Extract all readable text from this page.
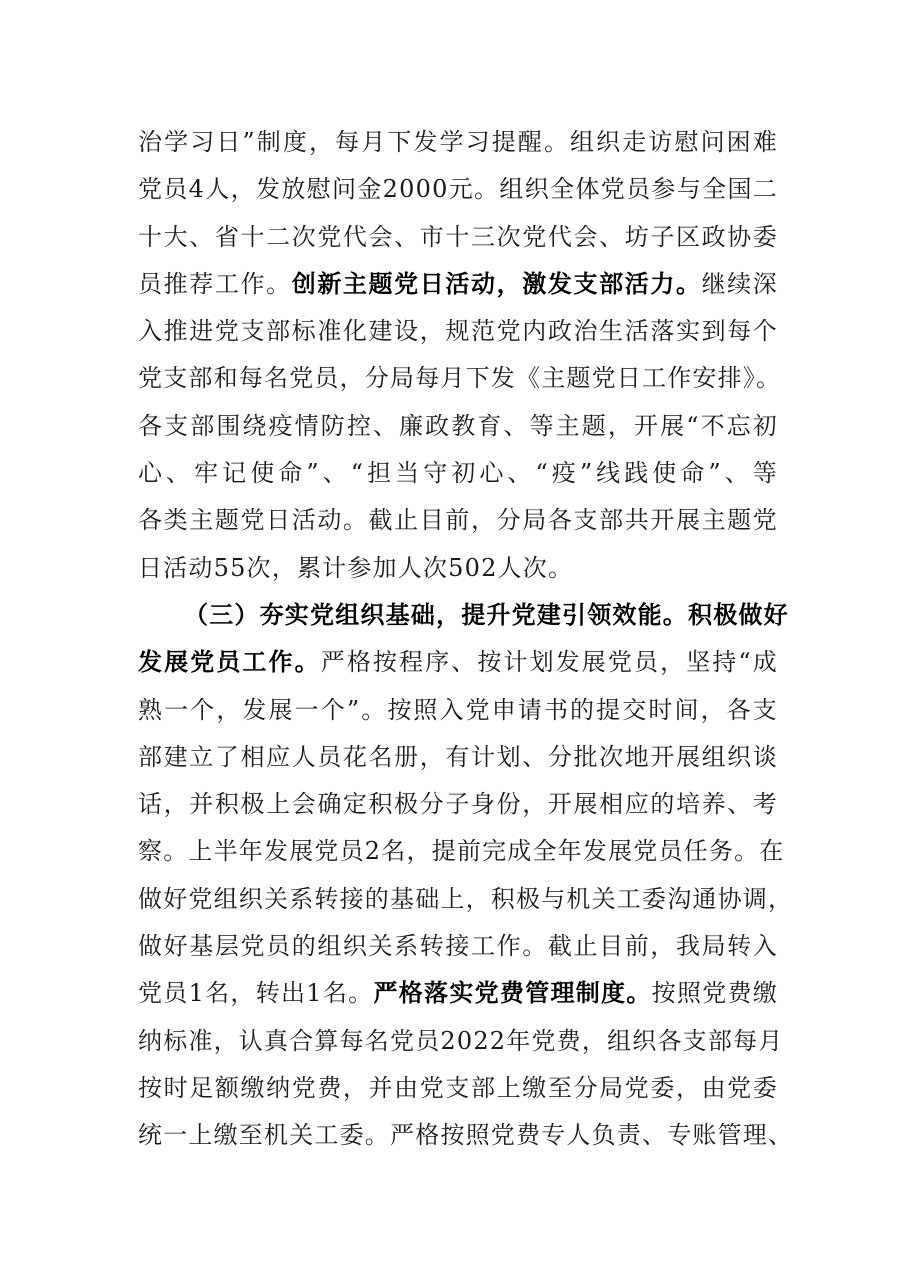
治学习日”制度，每月下发学习提醒。组织走访慰问困难
党员4人，发放慰问金2000元。组织全体党员参与全国二
十大、省十二次党代会、市十三次党代会、坊子区政协委
员推荐工作。创新主题党日活动，激发支部活力。继续深
入推进党支部标准化建设，规范党内政治生活落实到每个
党支部和每名党员，分局每月下发《主题党日工作安排》。
各支部围绕疫情防控、廉政教育、等主题，开展“不忘初
心、牢记使命”、“担当守初心、“疫”线践使命”、等
各类主题党日活动。截止目前，分局各支部共开展主题党
日活动55次，累计参加人次502人次。
（三）夯实党组织基础，提升党建引领效能。积极做好
发展党员工作。严格按程序、按计划发展党员，坚持“成
熟一个，发展一个”。按照入党申请书的提交时间，各支
部建立了相应人员花名册，有计划、分批次地开展组织谈
话，并积极上会确定积极分子身份，开展相应的培养、考
察。上半年发展党员2名，提前完成全年发展党员任务。在
做好党组织关系转接的基础上，积极与机关工委沟通协调，
做好基层党员的组织关系转接工作。截止目前，我局转入
党员1名，转出1名。严格落实党费管理制度。按照党费缴
纳标准，认真合算每名党员2022年党费，组织各支部每月
按时足额缴纳党费，并由党支部上缴至分局党委，由党委
统一上缴至机关工委。严格按照党费专人负责、专账管理、
